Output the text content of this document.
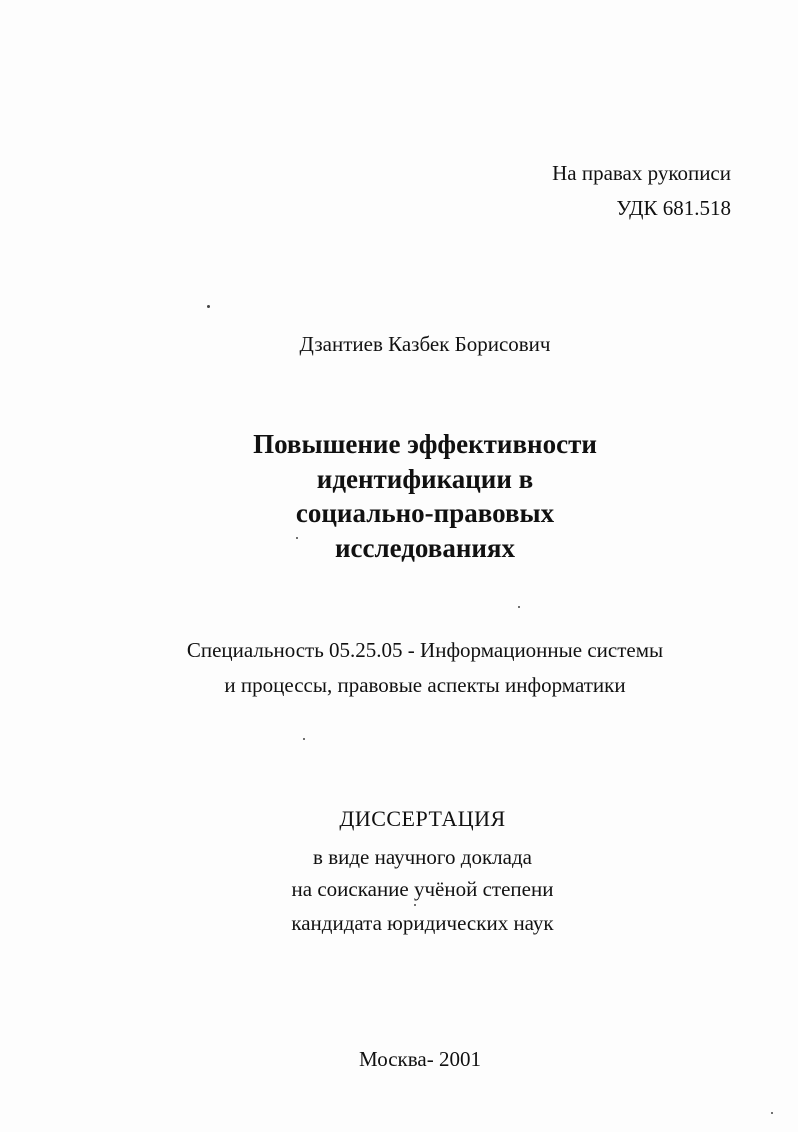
На правах рукописи
УДК 681.518
Дзантиев Казбек Борисович
Повышение эффективности
идентификации в
социально-правовых
исследованиях
Специальность 05.25.05 - Информационные системы
и процессы, правовые аспекты информатики
ДИССЕРТАЦИЯ
в виде научного доклада
на соискание учёной степени
кандидата юридических наук
Москва- 2001
